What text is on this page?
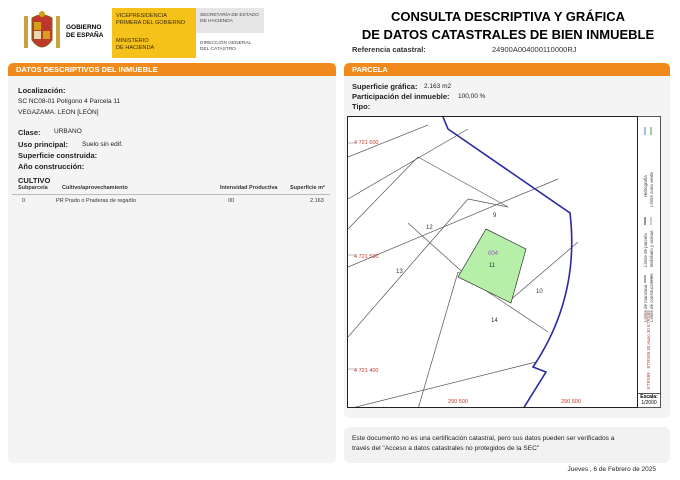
GOBIERNO
DE ESPAÑA
VICEPRESIDENCIA
PRIMERA DEL GOBIERNO
MINISTERIO
DE HACIENDA
SECRETARÍA DE ESTADO
DE HACIENDA
DIRECCIÓN GENERAL
DEL CATASTRO
CONSULTA DESCRIPTIVA Y GRÁFICA
DE DATOS CATASTRALES DE BIEN INMUEBLE
Referencia catastral:	24900A004000110000RJ
DATOS DESCRIPTIVOS DEL INMUEBLE
Localización:
SC NC08-01 Polígono 4 Parcela 11
VEGAZAMA. LEON [LEÓN]
Clase: URBANO
Uso principal: Suelo sin edif.
Superficie construida:
Año construcción:
CULTIVO
Subparcela	Cultivo/aprovechamiento	Intensidad Productiva Superficie m²
0	PR Prado o Praderas de regadío	00	2.163
PARCELA
Superficie gráfica: 2.163 m2
Participación del inmueble: 100,00 %
Tipo:
4 721 600
4 721 500
4 721 400
290 500	290 600
004
9
12
11
13
10
14
Hidrografía Límite zona verde
Límite de parcela Mobiliario y aceras
Límite de manzana Límite de construcciones
ETRS89 · ETRS89 30 Huso 30 ETRS89
Escala:
1/2000
Este documento no es una certificación catastral, pero sus datos pueden ser verificados a
través del "Acceso a datos catastrales no protegidos de la SEC"
Jueves , 6 de Febrero de 2025
